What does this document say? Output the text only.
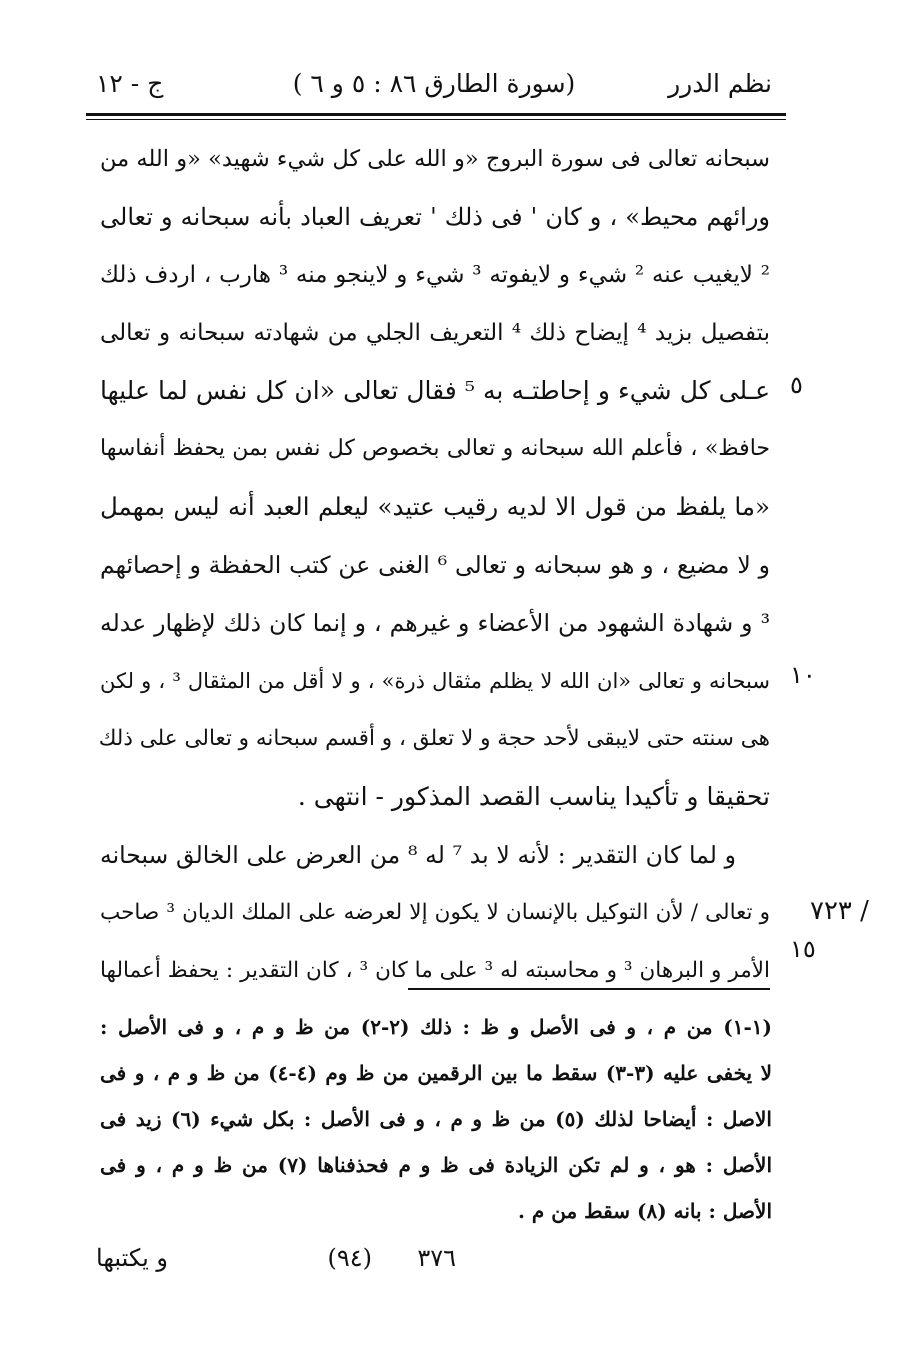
نظم الدرر
(سورة الطارق ٨٦ : ٥ و ٦ )
ج - ١٢
سبحانه تعالى فى سورة البروج «و الله على كل شيء شهيد» «و الله من
ورائهم محيط» ، و كان ' فى ذلك ' تعريف العباد بأنه سبحانه و تعالى
² لايغيب عنه ² شيء و لايفوته ³ شيء و لاينجو منه ³ هارب ، اردف ذلك
بتفصيل بزيد ⁴ إيضاح ذلك ⁴ التعريف الجلي من شهادته سبحانه و تعالى
عـلى كل شيء و إحاطتـه به ⁵ فقال تعالى «ان كل نفس لما عليها
حافظ» ، فأعلم الله سبحانه و تعالى بخصوص كل نفس بمن يحفظ أنفاسها
«ما يلفظ من قول الا لديه رقيب عتيد» ليعلم العبد أنه ليس بمهمل
و لا مضيع ، و هو سبحانه و تعالى ⁶ الغنى عن كتب الحفظة و إحصائهم
³ و شهادة الشهود من الأعضاء و غيرهم ، و إنما كان ذلك لإظهار عدله
سبحانه و تعالى «ان الله لا يظلم مثقال ذرة» ، و لا أقل من المثقال ³ ، و لكن
هى سنته حتى لايبقى لأحد حجة و لا تعلق ، و أقسم سبحانه و تعالى على ذلك
تحقيقا و تأكيدا يناسب القصد المذكور - انتهى .
و لما كان التقدير : لأنه لا بد ⁷ له ⁸ من العرض على الخالق سبحانه
و تعالى / لأن التوكيل بالإنسان لا يكون إلا لعرضه على الملك الديان ³ صاحب
الأمر و البرهان ³ و محاسبته له ³ على ما كان ³ ، كان التقدير : يحفظ أعمالها
٥
١٠
١٥
/ ٧٢٣
(١-١) من م ، و فى الأصل و ظ : ذلك (٢-٢) من ظ و م ، و فى الأصل :
لا يخفى عليه (٣-٣) سقط ما بين الرقمين من ظ وم (٤-٤) من ظ و م ، و فى
الاصل : أيضاحا لذلك (٥) من ظ و م ، و فى الأصل : بكل شيء (٦) زيد فى
الأصل : هو ، و لم تكن الزيادة فى ظ و م فحذفناها (٧) من ظ و م ، و فى
الأصل : بانه (٨) سقط من م .
٣٧٦
(٩٤)
و يكتبها
